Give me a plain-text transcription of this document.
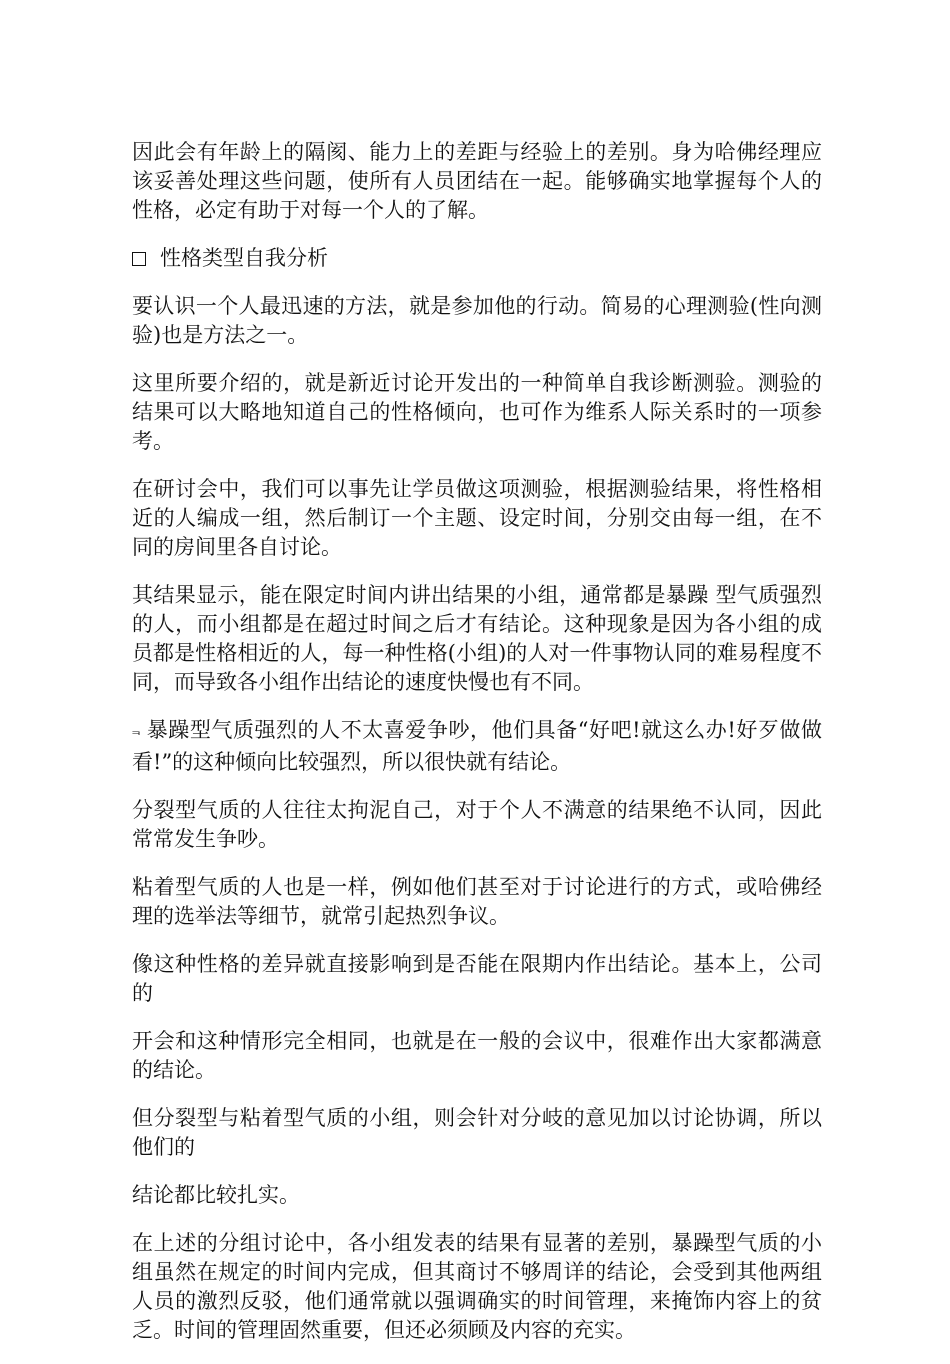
因此会有年龄上的隔阂、能力上的差距与经验上的差别。身为哈佛经理应该妥善处理这些问题，使所有人员团结在一起。能够确实地掌握每个人的性格，必定有助于对每一个人的了解。

性格类型自我分析

要认识一个人最迅速的方法，就是参加他的行动。简易的心理测验(性向测验)也是方法之一。

这里所要介绍的，就是新近讨论开发出的一种简单自我诊断测验。测验的结果可以大略地知道自己的性格倾向，也可作为维系人际关系时的一项参考。

在研讨会中，我们可以事先让学员做这项测验，根据测验结果，将性格相近的人编成一组，然后制订一个主题、设定时间，分别交由每一组，在不同的房间里各自讨论。

其结果显示，能在限定时间内讲出结果的小组，通常都是暴躁 型气质强烈的人，而小组都是在超过时间之后才有结论。这种现象是因为各小组的成员都是性格相近的人，每一种性格(小组)的人对一件事物认同的难易程度不同，而导致各小组作出结论的速度快慢也有不同。

⫬ 暴躁型气质强烈的人不太喜爱争吵，他们具备“好吧!就这么办!好歹做做看!”的这种倾向比较强烈，所以很快就有结论。

分裂型气质的人往往太拘泥自己，对于个人不满意的结果绝不认同，因此常常发生争吵。

粘着型气质的人也是一样，例如他们甚至对于讨论进行的方式，或哈佛经理的选举法等细节，就常引起热烈争议。

像这种性格的差异就直接影响到是否能在限期内作出结论。基本上，公司的

开会和这种情形完全相同，也就是在一般的会议中，很难作出大家都满意的结论。

但分裂型与粘着型气质的小组，则会针对分岐的意见加以讨论协调，所以他们的

结论都比较扎实。

在上述的分组讨论中，各小组发表的结果有显著的差别，暴躁型气质的小组虽然在规定的时间内完成，但其商讨不够周详的结论，会受到其他两组人员的激烈反驳，他们通常就以强调确实的时间管理，来掩饰内容上的贫乏。时间的管理固然重要，但还必须顾及内容的充实。
